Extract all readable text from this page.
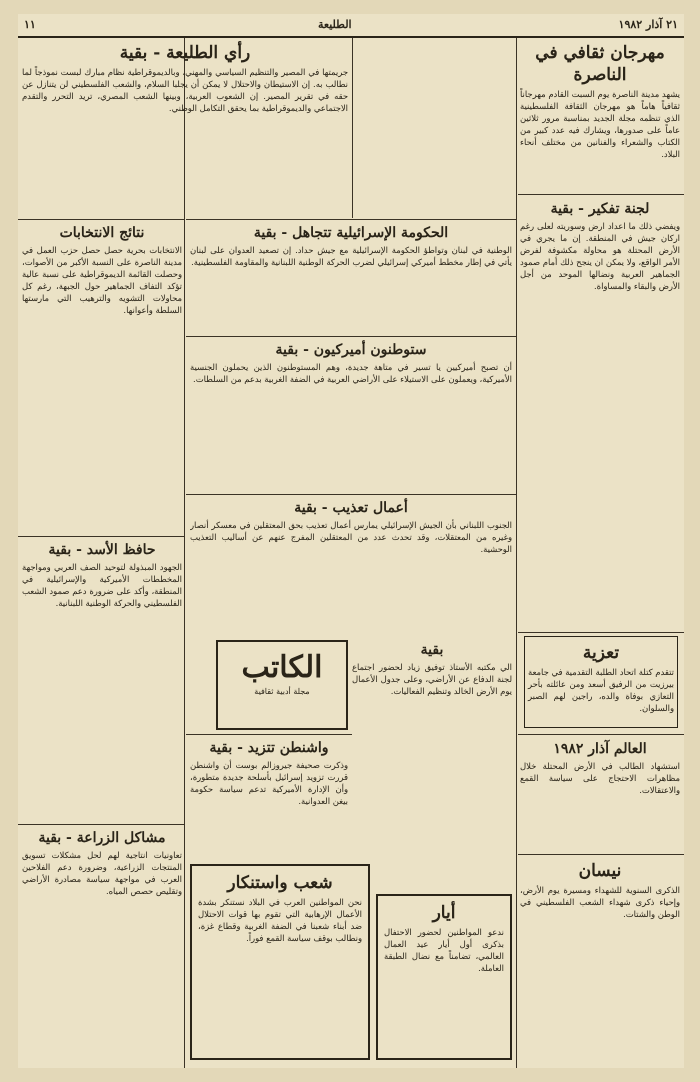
١١	الطليعة	٢١ آذار ١٩٨٢
مهرجان ثقافي في الناصرة
يشهد مدينة الناصرة يوم السبت القادم مهرجاناً ثقافياً هاماً هو مهرجان الثقافة الفلسطينية الذي تنظمه مجلة الجديد بمناسبة مرور ثلاثين عاماً على صدورها، ويشارك فيه عدد كبير من الكتاب والشعراء والفنانين من مختلف أنحاء البلاد.
رأي الطليعة - بقية
جريمتها في المصير والتنظيم السياسي والمهني، وبالديموقراطية نظام مبارك لبست نموذجاً لما نطالب به. إن الاستيطان والاحتلال لا يمكن أن يجلبا السلام، والشعب الفلسطيني لن يتنازل عن حقه في تقرير المصير. إن الشعوب العربية، وبينها الشعب المصري، تريد التحرر والتقدم الاجتماعي والديموقراطية بما يحقق التكامل الوطني.
لجنة تفكير - بقية
ويفضي ذلك ما اعداد ارض وسوريته لعلى رغم اركان جيش في المنطقة. إن ما يجري في الأرض المحتلة هو محاولة مكشوفة لفرض الأمر الواقع، ولا يمكن ان ينجح ذلك أمام صمود الجماهير العربية ونضالها الموحد من أجل الأرض والبقاء والمساواة.
الحكومة الإسرائيلية تتجاهل - بقية
الوطنية في لبنان وتواطؤ الحكومة الإسرائيلية مع جيش حداد. إن تصعيد العدوان على لبنان يأتي في إطار مخطط أميركي إسرائيلي لضرب الحركة الوطنية اللبنانية والمقاومة الفلسطينية.
نتائج الانتخابات
الانتخابات بحرية حصل حصل حزب العمل في مدينة الناصرة على النسبة الأكبر من الأصوات، وحصلت القائمة الديموقراطية على نسبة عالية تؤكد التفاف الجماهير حول الجبهة، رغم كل محاولات التشويه والترهيب التي مارستها السلطة وأعوانها.
ستوطنون أميركيون - بقية
أن تصبح أميركيين يا تسير في متاهة جديدة، وهم المستوطنون الذين يحملون الجنسية الأميركية، ويعملون على الاستيلاء على الأراضي العربية في الضفة الغربية بدعم من السلطات.
أعمال تعذيب - بقية
الجنوب اللبناني بأن الجيش الإسرائيلي يمارس أعمال تعذيب بحق المعتقلين في معسكر أنصار وغيره من المعتقلات، وقد تحدث عدد من المعتقلين المفرج عنهم عن أساليب التعذيب الوحشية.
حافظ الأسد - بقية
الجهود المبذولة لتوحيد الصف العربي ومواجهة المخططات الأميركية والإسرائيلية في المنطقة، وأكد على ضرورة دعم صمود الشعب الفلسطيني والحركة الوطنية اللبنانية.
تعزية
تتقدم كتلة اتحاد الطلبة التقدمية في جامعة بيرزيت من الرفيق أسعد ومن عائلته بأحر التعازي بوفاة والده، راجين لهم الصبر والسلوان.
الكاتب
مجلة أدبية ثقافية
بقية
الي مكتبه الأستاذ توفيق زياد لحضور اجتماع لجنة الدفاع عن الأراضي، وعلى جدول الأعمال يوم الأرض الخالد وتنظيم الفعاليات.
واشنطن تتزيد - بقية
وذكرت صحيفة جيروزالم بوست أن واشنطن قررت تزويد إسرائيل بأسلحة جديدة متطورة، وأن الإدارة الأميركية تدعم سياسة حكومة بيغن العدوانية.
العالم آذار ١٩٨٢
استشهاد الطالب في الأرض المحتلة خلال مظاهرات الاحتجاج على سياسة القمع والاعتقالات.
مشاكل الزراعة - بقية
تعاونيات انتاجية لهم لحل مشكلات تسويق المنتجات الزراعية، وضرورة دعم الفلاحين العرب في مواجهة سياسة مصادرة الأراضي وتقليص حصص المياه.
نيسان
الذكرى السنوية للشهداء ومسيرة يوم الأرض، وإحياء ذكرى شهداء الشعب الفلسطيني في الوطن والشتات.
شعب واستنكار
نحن المواطنين العرب في البلاد نستنكر بشدة الأعمال الإرهابية التي تقوم بها قوات الاحتلال ضد أبناء شعبنا في الضفة الغربية وقطاع غزة، ونطالب بوقف سياسة القمع فوراً.
أيار
ندعو المواطنين لحضور الاحتفال بذكرى أول أيار عيد العمال العالمي، تضامناً مع نضال الطبقة العاملة.
